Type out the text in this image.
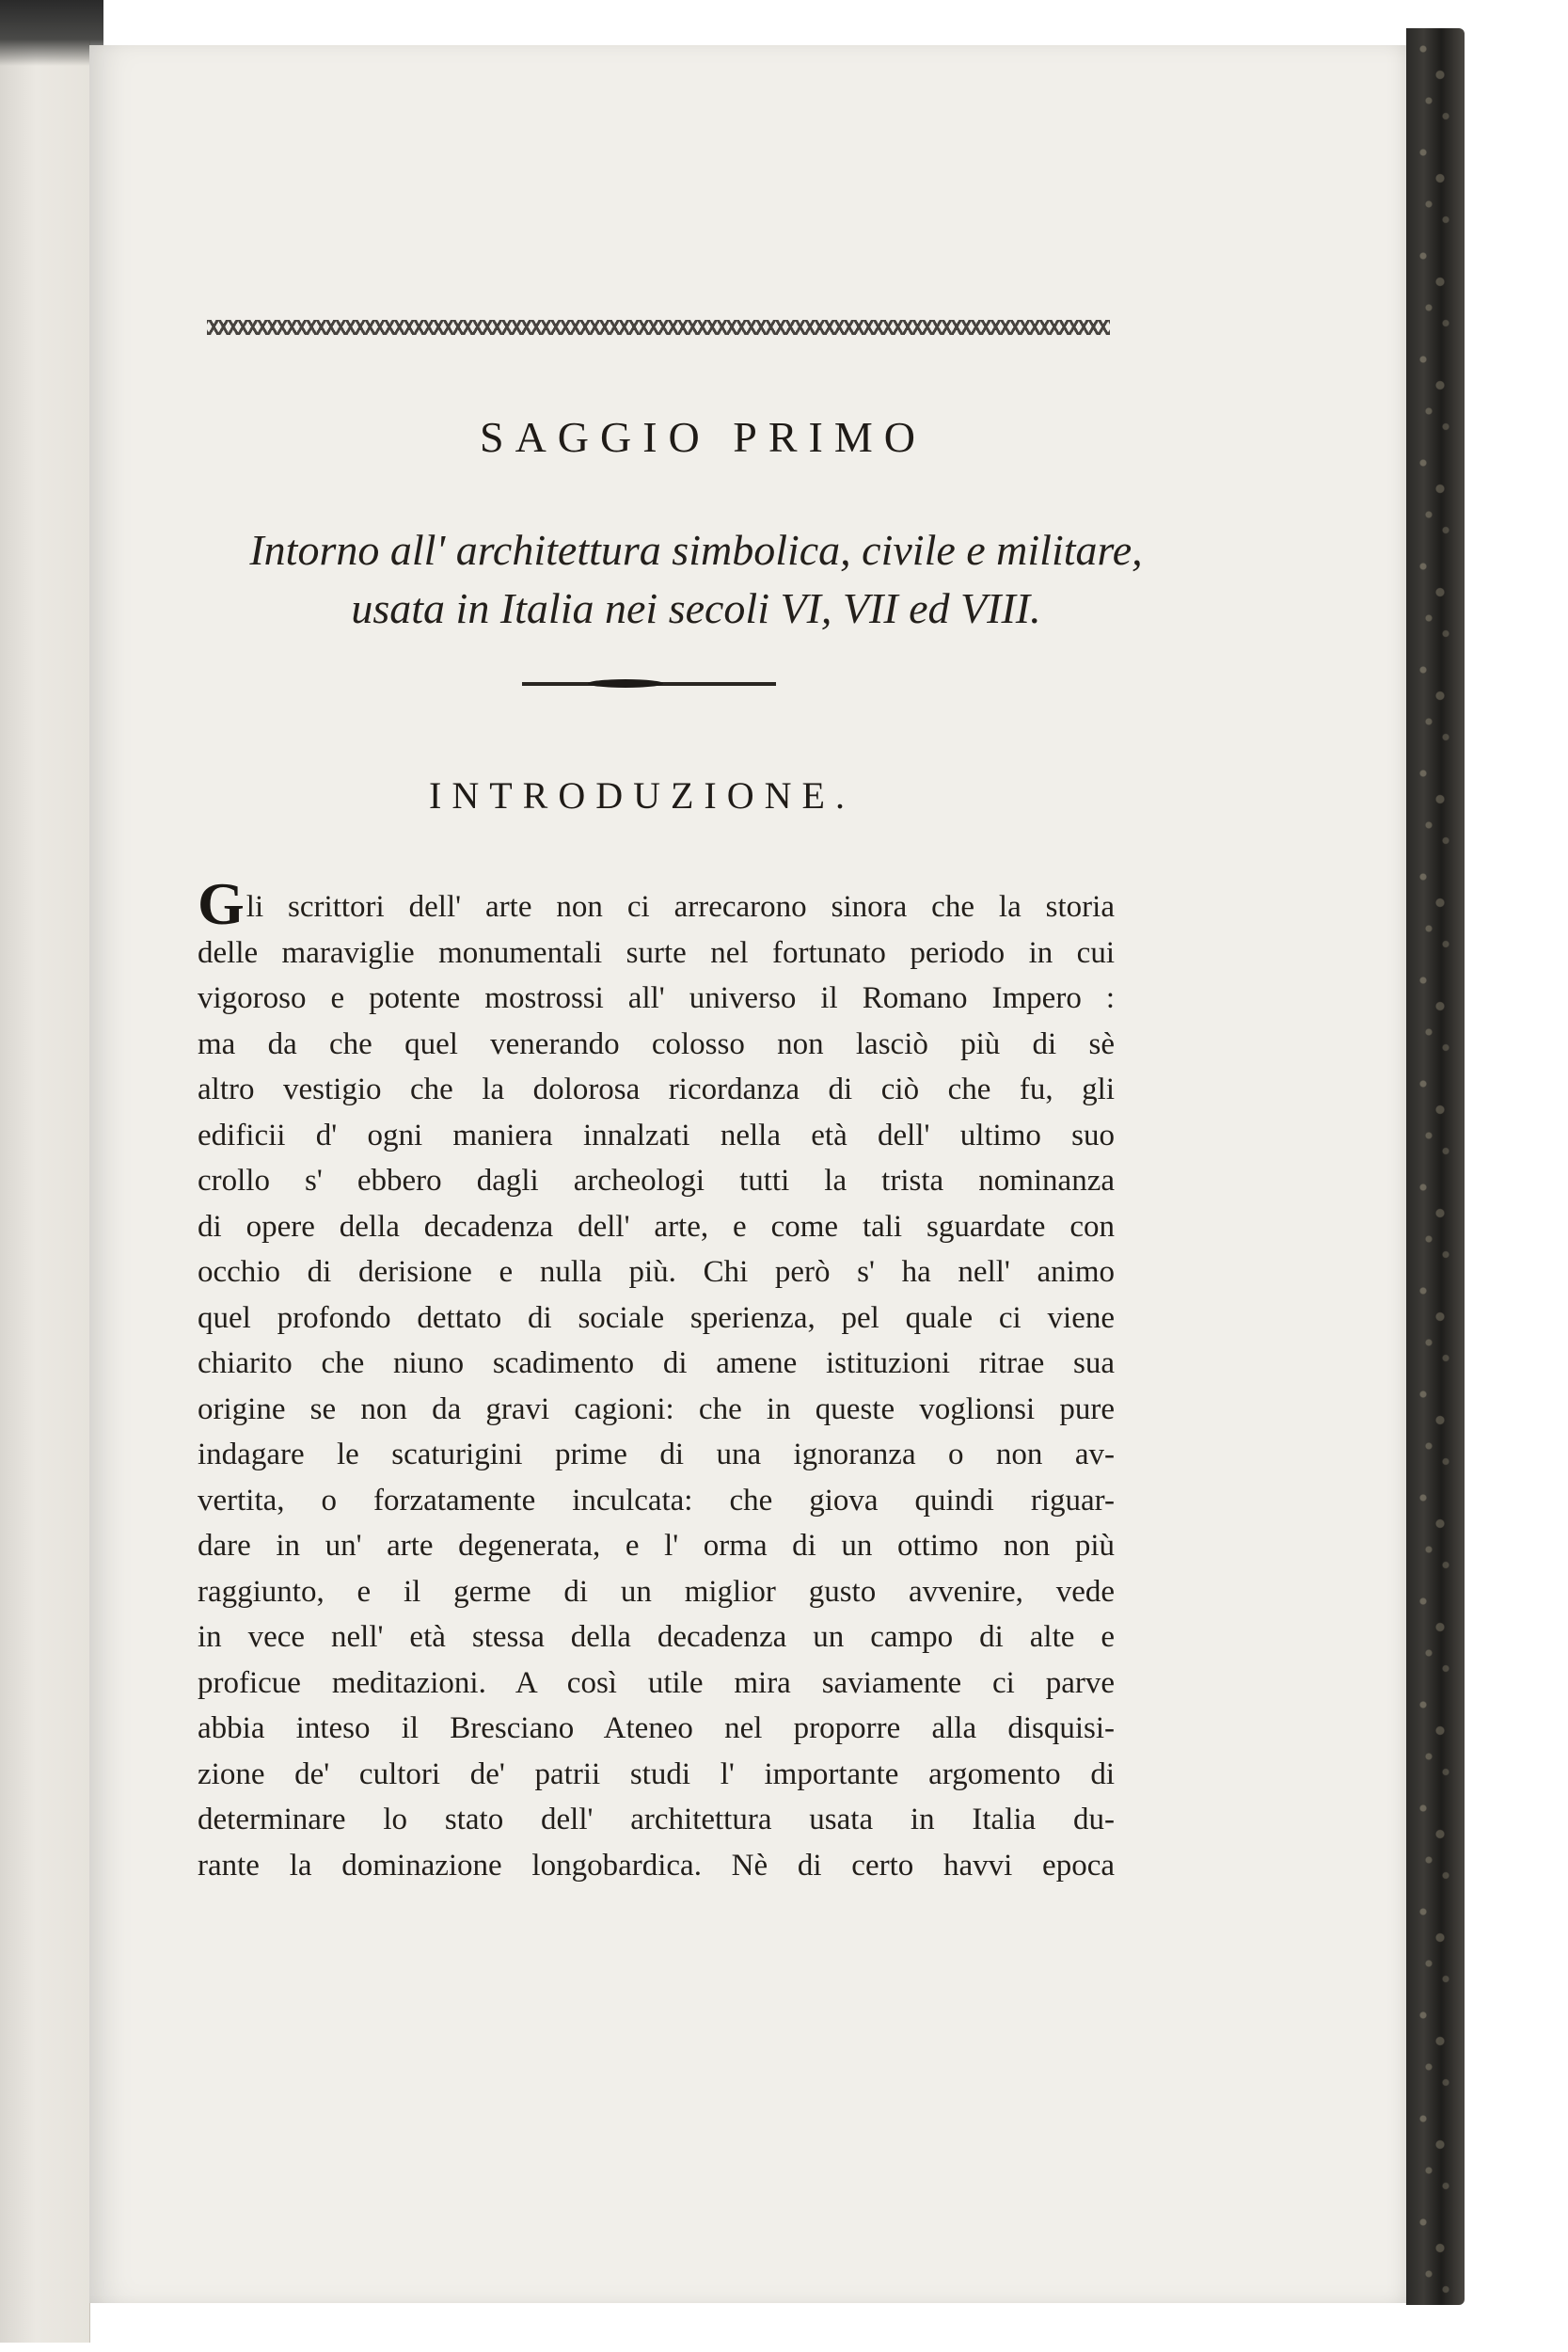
SAGGIO PRIMO

Intorno all' architettura simbolica, civile e militare,

usata in Italia nei secoli VI, VII ed VIII.

INTRODUZIONE.
Gli scrittori dell' arte non ci arrecarono sinora che la storia
delle maraviglie monumentali surte nel fortunato periodo in cui
vigoroso e potente mostrossi all' universo il Romano Impero :
ma da che quel venerando colosso non lasciò più di sè
altro vestigio che la dolorosa ricordanza di ciò che fu, gli
edificii d' ogni maniera innalzati nella età dell' ultimo suo
crollo s' ebbero dagli archeologi tutti la trista nominanza
di opere della decadenza dell' arte, e come tali sguardate con
occhio di derisione e nulla più. Chi però s' ha nell' animo
quel profondo dettato di sociale sperienza, pel quale ci viene
chiarito che niuno scadimento di amene istituzioni ritrae sua
origine se non da gravi cagioni: che in queste voglionsi pure
indagare le scaturigini prime di una ignoranza o non av-
vertita, o forzatamente inculcata: che giova quindi riguar-
dare in un' arte degenerata, e l' orma di un ottimo non più
raggiunto, e il germe di un miglior gusto avvenire, vede
in vece nell' età stessa della decadenza un campo di alte e
proficue meditazioni. A così utile mira saviamente ci parve
abbia inteso il Bresciano Ateneo nel proporre alla disquisi-
zione de' cultori de' patrii studi l' importante argomento di
determinare lo stato dell' architettura usata in Italia du-
rante la dominazione longobardica. Nè di certo havvi epoca
